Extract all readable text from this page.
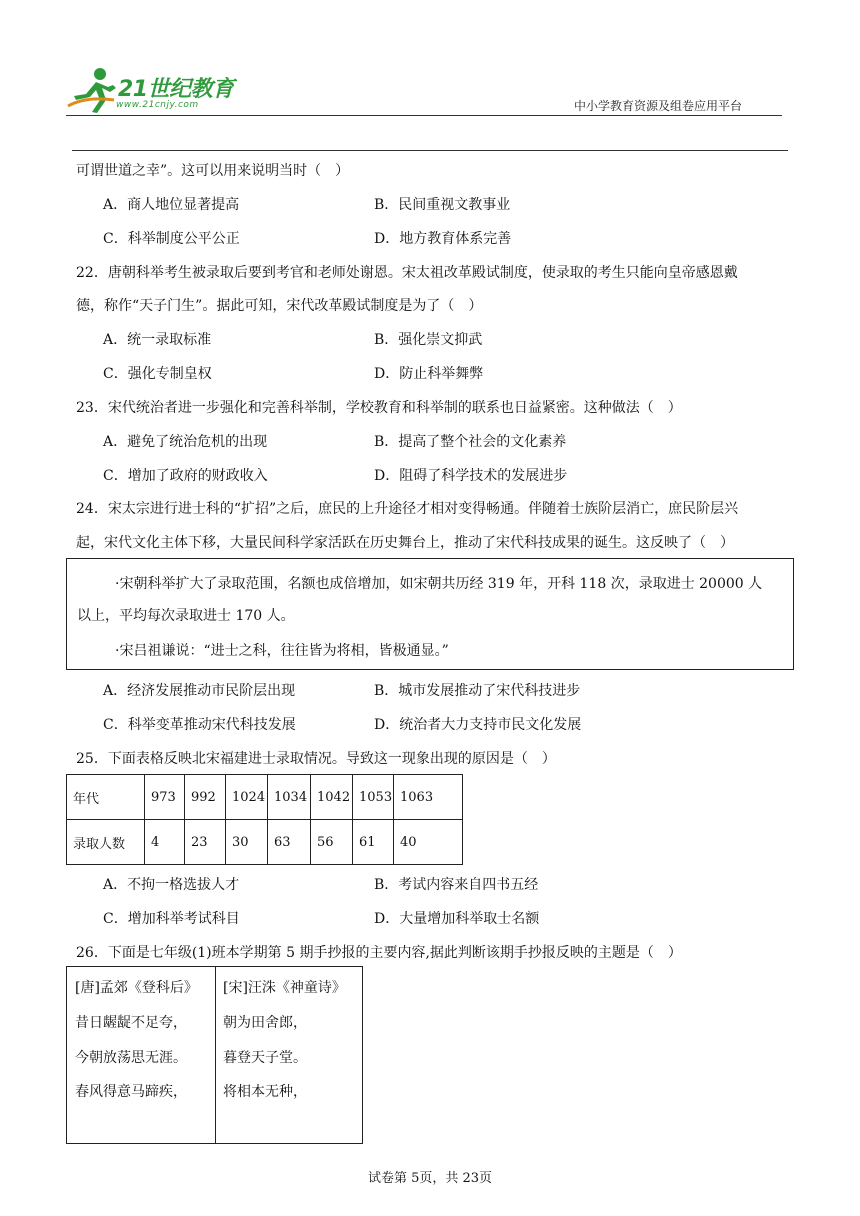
21世纪教育
www.21cnjy.com	中小学教育资源及组卷应用平台
可谓世道之幸”。这可以用来说明当时（　）
A．商人地位显著提高	B．民间重视文教事业
C．科举制度公平公正	D．地方教育体系完善
22．唐朝科举考生被录取后要到考官和老师处谢恩。宋太祖改革殿试制度，使录取的考生只能向皇帝感恩戴
德，称作“天子门生”。据此可知，宋代改革殿试制度是为了（　）
A．统一录取标准	B．强化崇文抑武
C．强化专制皇权	D．防止科举舞弊
23．宋代统治者进一步强化和完善科举制，学校教育和科举制的联系也日益紧密。这种做法（　）
A．避免了统治危机的出现	B．提高了整个社会的文化素养
C．增加了政府的财政收入	D．阻碍了科学技术的发展进步
24．宋太宗进行进士科的“扩招”之后，庶民的上升途径才相对变得畅通。伴随着士族阶层消亡，庶民阶层兴
起，宋代文化主体下移，大量民间科学家活跃在历史舞台上，推动了宋代科技成果的诞生。这反映了（　）
·宋朝科举扩大了录取范围，名额也成倍增加，如宋朝共历经 319 年，开科 118 次，录取进士 20000 人
以上，平均每次录取进士 170 人。
·宋吕祖谦说：“进士之科，往往皆为将相，皆极通显。”
A．经济发展推动市民阶层出现	B．城市发展推动了宋代科技进步
C．科举变革推动宋代科技发展	D．统治者大力支持市民文化发展
25．下面表格反映北宋福建进士录取情况。导致这一现象出现的原因是（　）
年代	973	992	1024	1034	1042	1053	1063
录取人数	4	23	30	63	56	61	40
A．不拘一格选拔人才	B．考试内容来自四书五经
C．增加科举考试科目	D．大量增加科举取士名额
26．下面是七年级(1)班本学期第 5 期手抄报的主要内容,据此判断该期手抄报反映的主题是（　）
[唐]孟郊《登科后》
昔日龌龊不足夸，
今朝放荡思无涯。
春风得意马蹄疾，
[宋]汪洙《神童诗》
朝为田舍郎，
暮登天子堂。
将相本无种，
试卷第 5页，共 23页
